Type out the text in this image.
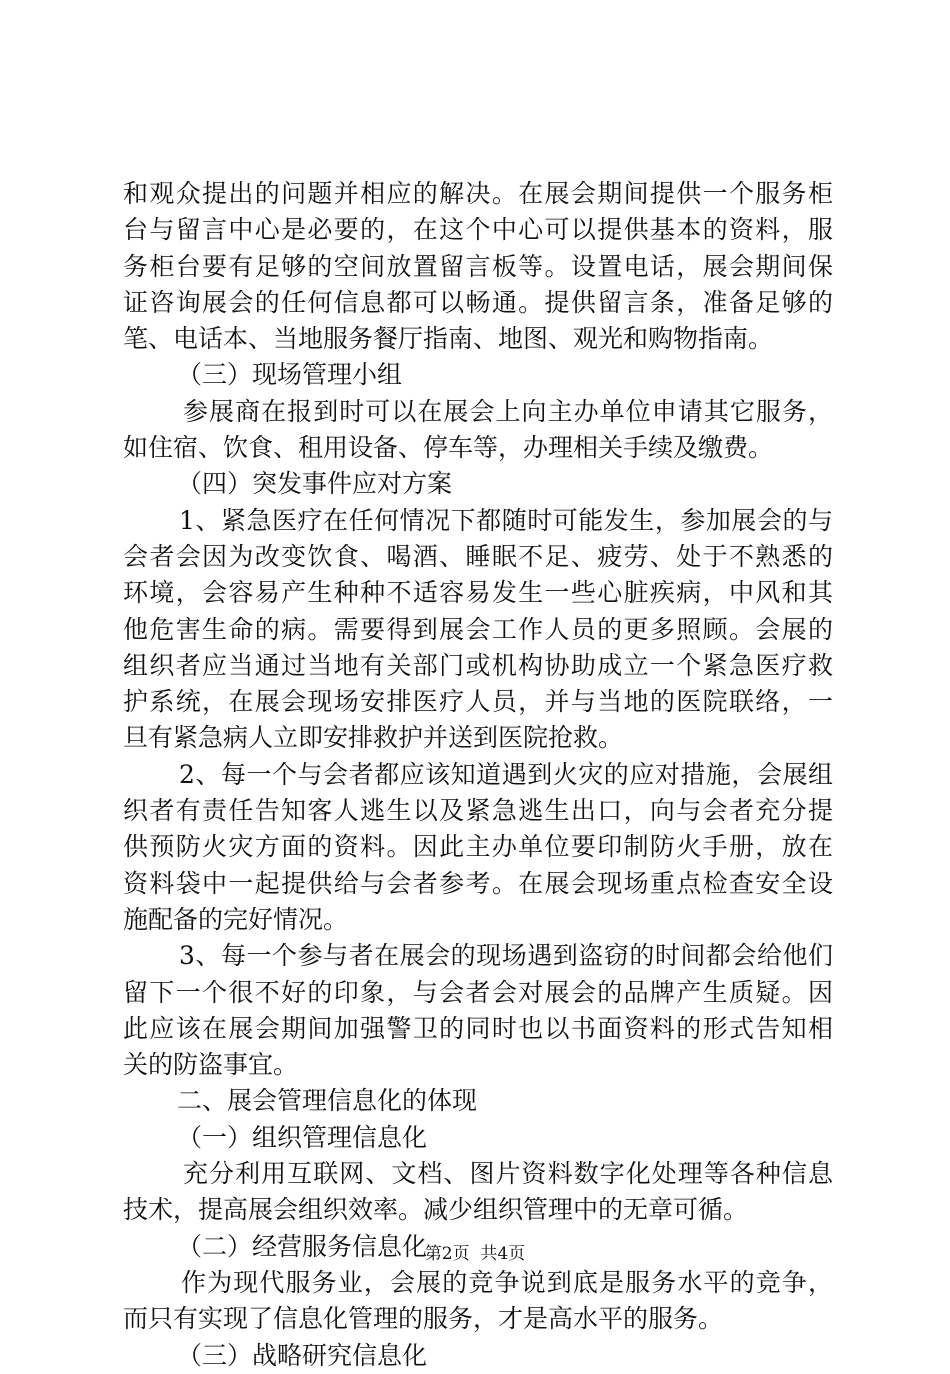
和观众提出的问题并相应的解决。在展会期间提供一个服务柜
台与留言中心是必要的，在这个中心可以提供基本的资料，服
务柜台要有足够的空间放置留言板等。设置电话，展会期间保
证咨询展会的任何信息都可以畅通。提供留言条，准备足够的
笔、电话本、当地服务餐厅指南、地图、观光和购物指南。
（三）现场管理小组
参展商在报到时可以在展会上向主办单位申请其它服务，
如住宿、饮食、租用设备、停车等，办理相关手续及缴费。
（四）突发事件应对方案
1、紧急医疗在任何情况下都随时可能发生，参加展会的与
会者会因为改变饮食、喝酒、睡眠不足、疲劳、处于不熟悉的
环境，会容易产生种种不适容易发生一些心脏疾病，中风和其
他危害生命的病。需要得到展会工作人员的更多照顾。会展的
组织者应当通过当地有关部门或机构协助成立一个紧急医疗救
护系统，在展会现场安排医疗人员，并与当地的医院联络，一
旦有紧急病人立即安排救护并送到医院抢救。
2、每一个与会者都应该知道遇到火灾的应对措施，会展组
织者有责任告知客人逃生以及紧急逃生出口，向与会者充分提
供预防火灾方面的资料。因此主办单位要印制防火手册，放在
资料袋中一起提供给与会者参考。在展会现场重点检查安全设
施配备的完好情况。
3、每一个参与者在展会的现场遇到盗窃的时间都会给他们
留下一个很不好的印象，与会者会对展会的品牌产生质疑。因
此应该在展会期间加强警卫的同时也以书面资料的形式告知相
关的防盗事宜。
二、展会管理信息化的体现
（一）组织管理信息化
充分利用互联网、文档、图片资料数字化处理等各种信息
技术，提高展会组织效率。减少组织管理中的无章可循。
（二）经营服务信息化
作为现代服务业，会展的竞争说到底是服务水平的竞争，
而只有实现了信息化管理的服务，才是高水平的服务。
（三）战略研究信息化
第2页  共4页
